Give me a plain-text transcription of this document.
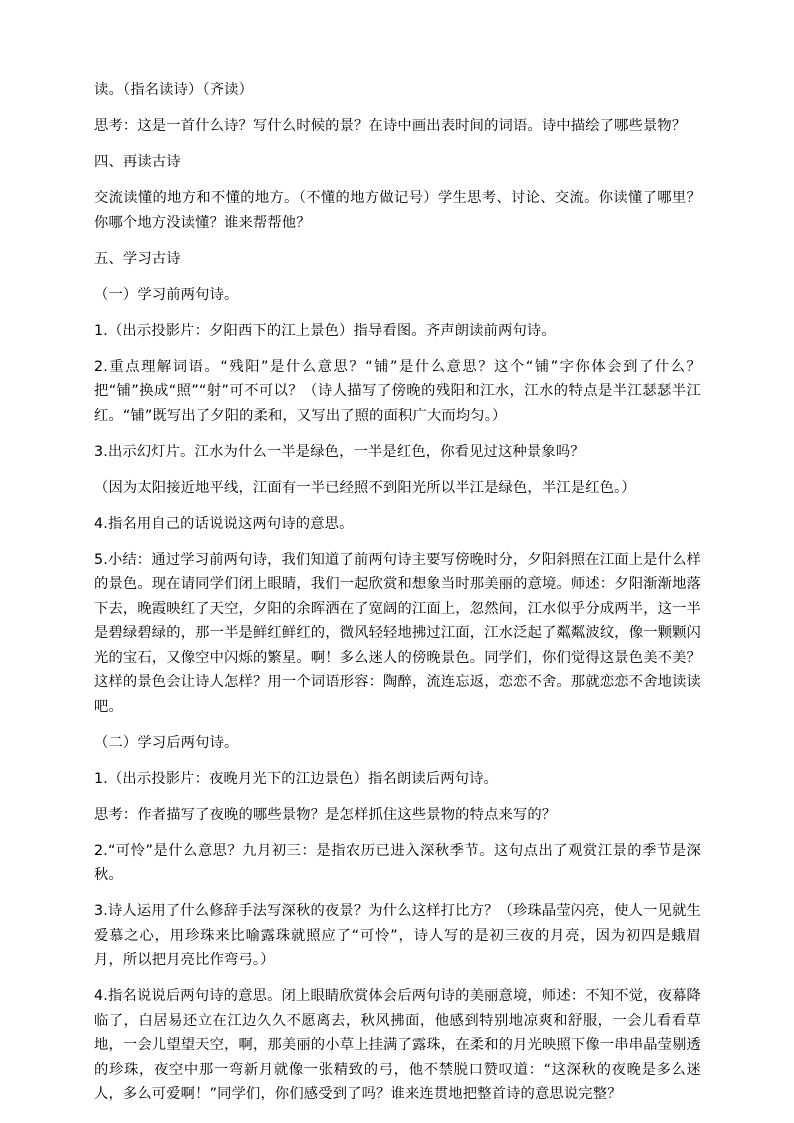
读。（指名读诗）（齐读）

思考：这是一首什么诗？写什么时候的景？在诗中画出表时间的词语。诗中描绘了哪些景物？

四、再读古诗

交流读懂的地方和不懂的地方。（不懂的地方做记号）学生思考、讨论、交流。你读懂了哪里？你哪个地方没读懂？谁来帮帮他？

五、学习古诗

（一）学习前两句诗。

1.（出示投影片：夕阳西下的江上景色）指导看图。齐声朗读前两句诗。

2.重点理解词语。“残阳”是什么意思？“铺”是什么意思？这个“铺”字你体会到了什么？把“铺”换成“照”“射”可不可以？（诗人描写了傍晚的残阳和江水，江水的特点是半江瑟瑟半江红。“铺”既写出了夕阳的柔和，又写出了照的面积广大而均匀。）

3.出示幻灯片。江水为什么一半是绿色，一半是红色，你看见过这种景象吗？

（因为太阳接近地平线，江面有一半已经照不到阳光所以半江是绿色，半江是红色。）

4.指名用自己的话说说这两句诗的意思。

5.小结：通过学习前两句诗，我们知道了前两句诗主要写傍晚时分，夕阳斜照在江面上是什么样的景色。现在请同学们闭上眼睛，我们一起欣赏和想象当时那美丽的意境。师述：夕阳渐渐地落下去，晚霞映红了天空，夕阳的余晖洒在了宽阔的江面上，忽然间，江水似乎分成两半，这一半是碧绿碧绿的，那一半是鲜红鲜红的，微风轻轻地拂过江面，江水泛起了粼粼波纹，像一颗颗闪光的宝石，又像空中闪烁的繁星。啊！多么迷人的傍晚景色。同学们，你们觉得这景色美不美？这样的景色会让诗人怎样？用一个词语形容：陶醉，流连忘返，恋恋不舍。那就恋恋不舍地读读吧。

（二）学习后两句诗。

1.（出示投影片：夜晚月光下的江边景色）指名朗读后两句诗。

思考：作者描写了夜晚的哪些景物？是怎样抓住这些景物的特点来写的？

2.“可怜”是什么意思？九月初三：是指农历已进入深秋季节。这句点出了观赏江景的季节是深秋。

3.诗人运用了什么修辞手法写深秋的夜景？为什么这样打比方？（珍珠晶莹闪亮，使人一见就生爱慕之心，用珍珠来比喻露珠就照应了“可怜”，诗人写的是初三夜的月亮，因为初四是蛾眉月，所以把月亮比作弯弓。）

4.指名说说后两句诗的意思。闭上眼睛欣赏体会后两句诗的美丽意境，师述：不知不觉，夜幕降临了，白居易还立在江边久久不愿离去，秋风拂面，他感到特别地凉爽和舒服，一会儿看看草地，一会儿望望天空，啊，那美丽的小草上挂满了露珠，在柔和的月光映照下像一串串晶莹剔透的珍珠，夜空中那一弯新月就像一张精致的弓，他不禁脱口赞叹道：“这深秋的夜晚是多么迷人，多么可爱啊！”同学们，你们感受到了吗？谁来连贯地把整首诗的意思说完整？
